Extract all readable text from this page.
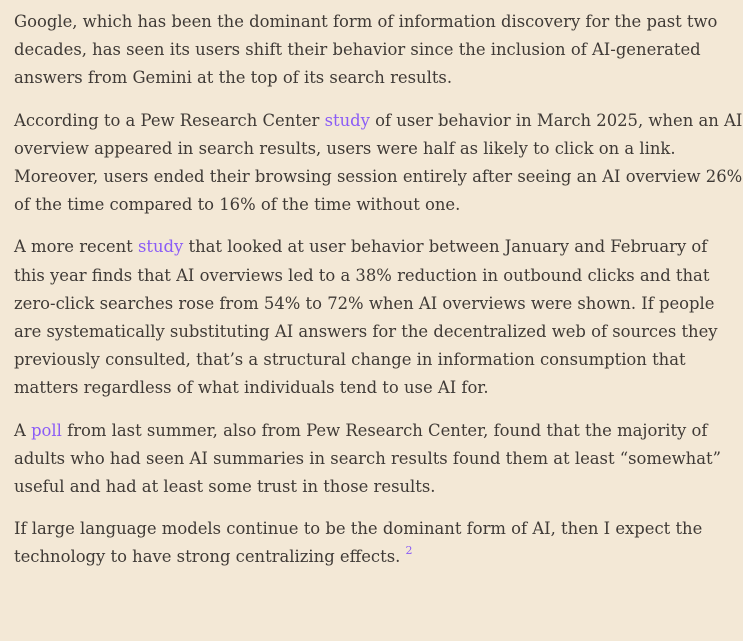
Google, which has been the dominant form of information discovery for the past two decades, has seen its users shift their behavior since the inclusion of AI-generated answers from Gemini at the top of its search results.

According to a Pew Research Center study of user behavior in March 2025, when an AI overview appeared in search results, users were half as likely to click on a link. Moreover, users ended their browsing session entirely after seeing an AI overview 26% of the time compared to 16% of the time without one.

A more recent study that looked at user behavior between January and February of this year finds that AI overviews led to a 38% reduction in outbound clicks and that zero-click searches rose from 54% to 72% when AI overviews were shown. If people are systematically substituting AI answers for the decentralized web of sources they previously consulted, that’s a structural change in information consumption that matters regardless of what individuals tend to use AI for.

A poll from last summer, also from Pew Research Center, found that the majority of adults who had seen AI summaries in search results found them at least “somewhat” useful and had at least some trust in those results.

If large language models continue to be the dominant form of AI, then I expect the technology to have strong centralizing effects. $^2$
